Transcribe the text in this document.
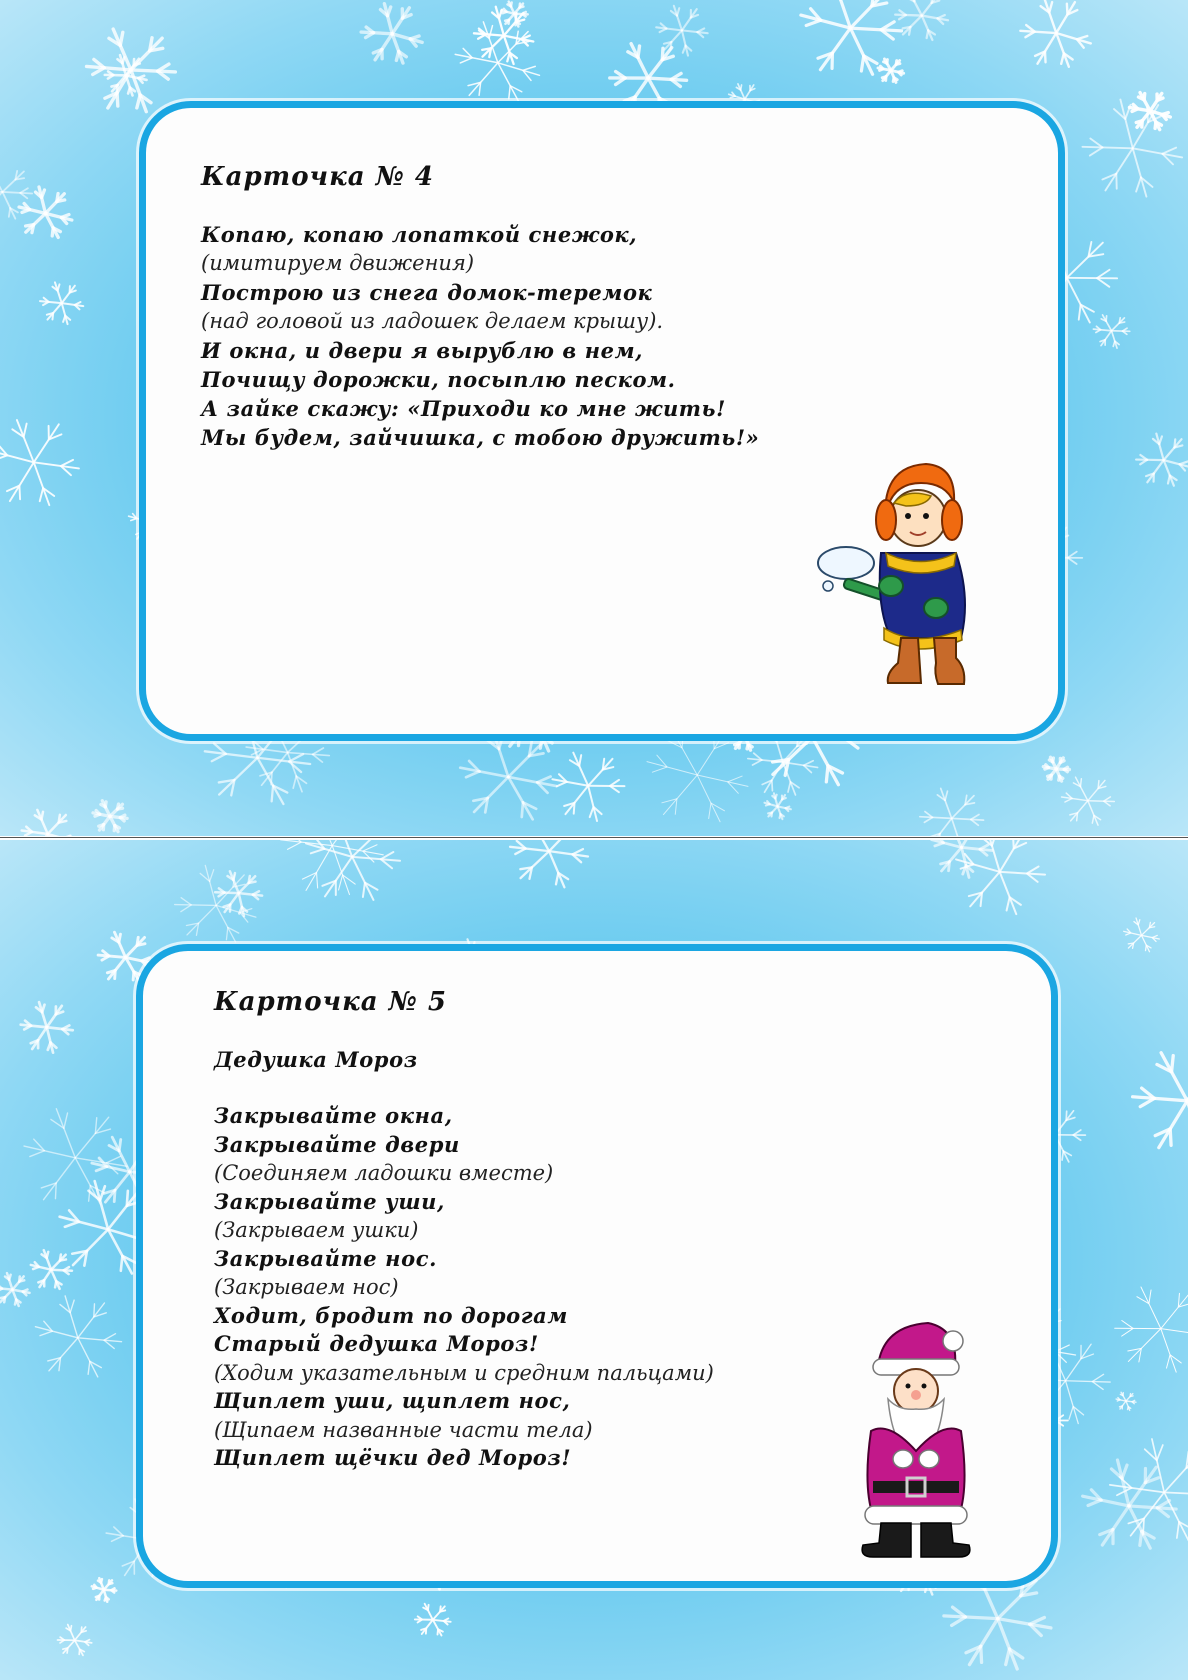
Карточка № 4
Копаю, копаю лопаткой снежок,
(имитируем движения)
Построю из снега домок-теремок
(над головой из ладошек делаем крышу).
И окна, и двери я вырублю в нем,
Почищу дорожки, посыплю песком.
А зайке скажу: «Приходи ко мне жить!
Мы будем, зайчишка, с тобою дружить!»
Карточка № 5

Дедушка Мороз

Закрывайте окна,
Закрывайте двери
(Соединяем ладошки вместе)
Закрывайте уши,
(Закрываем ушки)
Закрывайте нос.
(Закрываем нос)
Ходит, бродит по дорогам
Старый дедушка Мороз!
(Ходим указательным и средним пальцами)
Щиплет уши, щиплет нос,
(Щипаем названные части тела)
Щиплет щёчки дед Мороз!
